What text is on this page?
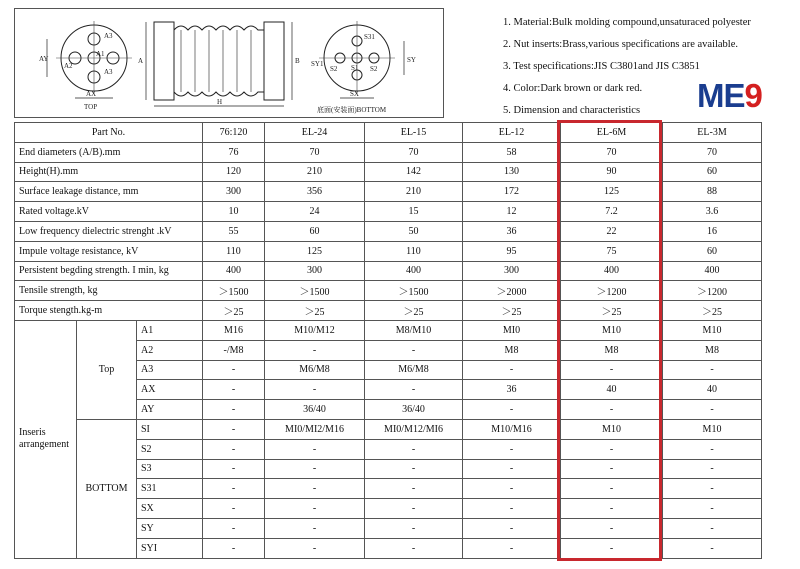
A3
A1
A2
A3
AY
AX
TOP
A	B
H
S31
S2 S1 S2
SY1	SY
SX
底面(安装面)BOTTOM
1. Material:Bulk molding compound,unsaturaced polyester
2. Nut inserts:Brass,various specifications are available.
3. Test specifications:JIS C3801and JIS C3851
4. Color:Dark brown or dark red.
5. Dimension and characteristics	ME9
Part No.			76:120	EL-24	EL-15	EL-12	EL-6M	EL-3M
End diameters (A/B).mm			76	70	70	58	70	70
Height(H).mm			120	210	142	130	90	60
Surface leakage distance, mm			300	356	210	172	125	88
Rated voltage.kV			10	24	15	12	7.2	3.6
Low frequency dielectric strenght .kV			55	60	50	36	22	16
Impule voltage resistance, kV			110	125	110	95	75	60
Persistent begding strength. I min, kg			400	300	400	300	400	400
Tensile strength, kg			＞1500	＞1500	＞1500	＞2000	＞1200	＞1200
Torque stength.kg-m			＞25	＞25	＞25	＞25	＞25	＞25
Inseris arrangement	Top	A1	M16	M10/M12	M8/M10	MI0	M10	M10
		A2	-/M8	-	-	M8	M8	M8
		A3	-	M6/M8	M6/M8	-	-	-
		AX	-	-	-	36	40	40
		AY	-	36/40	36/40	-	-	-
	BOTTOM	SI	-	MI0/MI2/M16	MI0/M12/MI6	M10/M16	M10	M10
		S2	-	-	-	-	-	-
		S3	-	-	-	-	-	-
		S31	-	-	-	-	-	-
		SX	-	-	-	-	-	-
		SY	-	-	-	-	-	-
		SYI	-	-	-	-	-	-
